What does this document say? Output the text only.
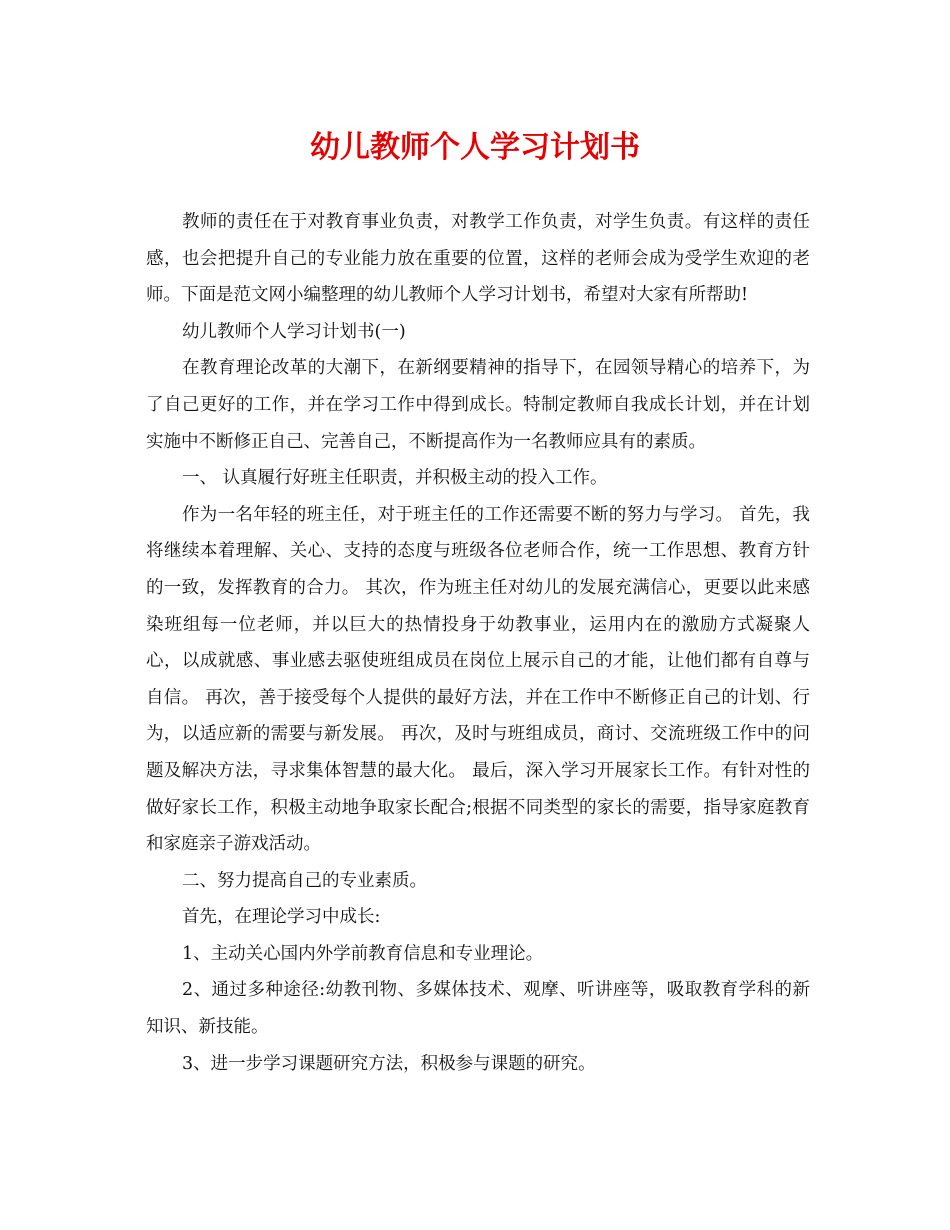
幼儿教师个人学习计划书

教师的责任在于对教育事业负责，对教学工作负责，对学生负责。有这样的责任感，也会把提升自己的专业能力放在重要的位置，这样的老师会成为受学生欢迎的老师。下面是范文网小编整理的幼儿教师个人学习计划书，希望对大家有所帮助!

幼儿教师个人学习计划书(一)

在教育理论改革的大潮下，在新纲要精神的指导下，在园领导精心的培养下，为了自己更好的工作，并在学习工作中得到成长。特制定教师自我成长计划，并在计划实施中不断修正自己、完善自己，不断提高作为一名教师应具有的素质。

一、 认真履行好班主任职责，并积极主动的投入工作。

作为一名年轻的班主任，对于班主任的工作还需要不断的努力与学习。 首先，我将继续本着理解、关心、支持的态度与班级各位老师合作，统一工作思想、教育方针的一致，发挥教育的合力。 其次，作为班主任对幼儿的发展充满信心，更要以此来感染班组每一位老师，并以巨大的热情投身于幼教事业，运用内在的激励方式凝聚人心，以成就感、事业感去驱使班组成员在岗位上展示自己的才能，让他们都有自尊与自信。 再次，善于接受每个人提供的最好方法，并在工作中不断修正自己的计划、行为，以适应新的需要与新发展。 再次，及时与班组成员，商讨、交流班级工作中的问题及解决方法，寻求集体智慧的最大化。 最后，深入学习开展家长工作。有针对性的做好家长工作，积极主动地争取家长配合;根据不同类型的家长的需要，指导家庭教育和家庭亲子游戏活动。

二、努力提高自己的专业素质。

首先，在理论学习中成长:

1、主动关心国内外学前教育信息和专业理论。

2、通过多种途径:幼教刊物、多媒体技术、观摩、听讲座等，吸取教育学科的新知识、新技能。

3、进一步学习课题研究方法，积极参与课题的研究。
